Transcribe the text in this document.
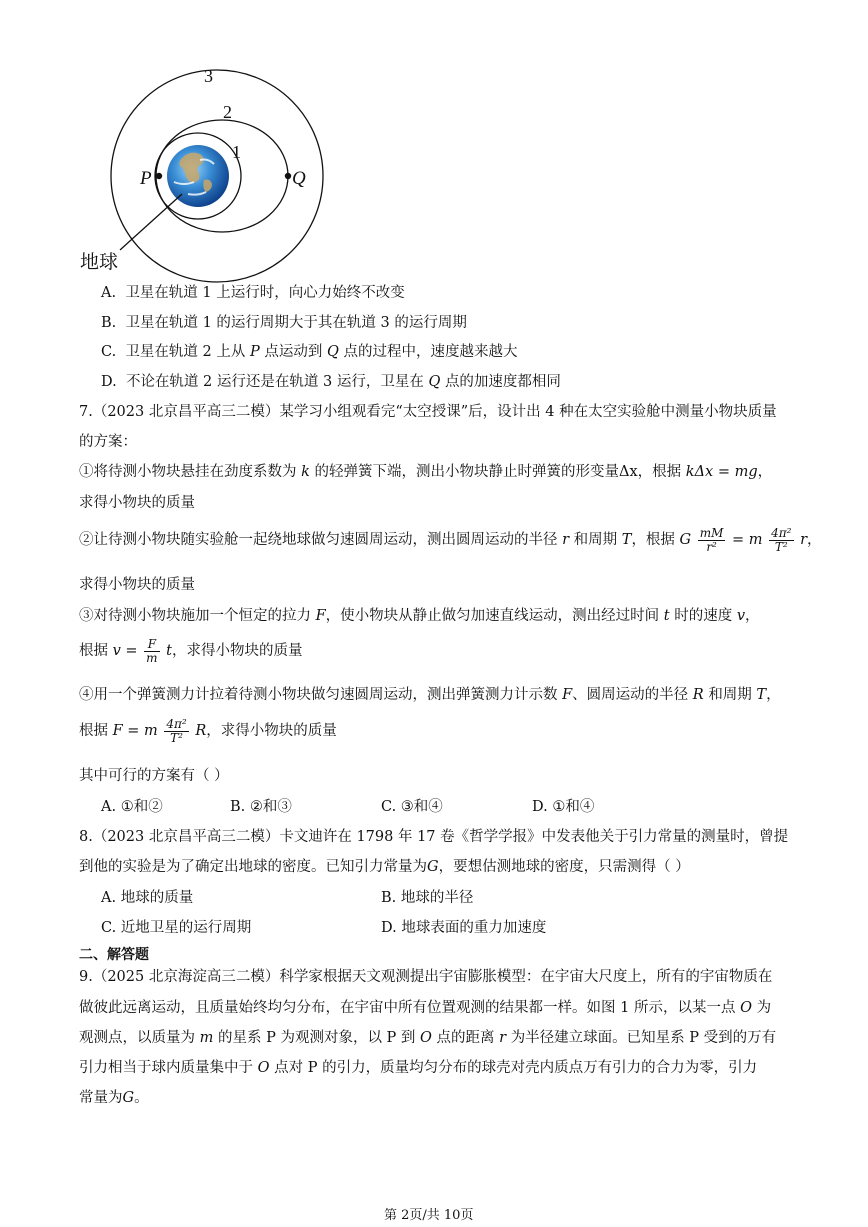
3
2
1
P	Q
地球
A. 卫星在轨道 1 上运行时，向心力始终不改变
B. 卫星在轨道 1 的运行周期大于其在轨道 3 的运行周期
C. 卫星在轨道 2 上从 P 点运动到 Q 点的过程中，速度越来越大
D. 不论在轨道 2 运行还是在轨道 3 运行，卫星在 Q 点的加速度都相同
7.（2023 北京昌平高三二模）某学习小组观看完“太空授课”后，设计出 4 种在太空实验舱中测量小物块质量
的方案：
①将待测小物块悬挂在劲度系数为 k 的轻弹簧下端，测出小物块静止时弹簧的形变量Δx，根据 kΔx = mg，
求得小物块的质量
②让待测小物块随实验舱一起绕地球做匀速圆周运动，测出圆周运动的半径 r 和周期 T，根据 G $\frac{mM}{\text{r²}} = m \frac{\text{4π²}}{\text{T²}}$ r，
求得小物块的质量
③对待测小物块施加一个恒定的拉力 F，使小物块从静止做匀加速直线运动，测出经过时间 t 时的速度 v，
根据 $v = \frac{F}{m}$ t，求得小物块的质量
④用一个弹簧测力计拉着待测小物块做匀速圆周运动，测出弹簧测力计示数 F、圆周运动的半径 R 和周期 T，
根据 F = m $\frac{\text{4π²}}{\text{T²}}$ R，求得小物块的质量
其中可行的方案有（ ）
A. ①和②	B. ②和③	C. ③和④	D. ①和④
8.（2023 北京昌平高三二模）卡文迪许在 1798 年 17 卷《哲学学报》中发表他关于引力常量的测量时，曾提
到他的实验是为了确定出地球的密度。已知引力常量为G，要想估测地球的密度，只需测得（ ）
A. 地球的质量	B. 地球的半径
C. 近地卫星的运行周期	D. 地球表面的重力加速度
二、解答题
9.（2025 北京海淀高三二模）科学家根据天文观测提出宇宙膨胀模型：在宇宙大尺度上，所有的宇宙物质在
做彼此远离运动，且质量始终均匀分布，在宇宙中所有位置观测的结果都一样。如图 1 所示，以某一点 O 为
观测点，以质量为 m 的星系 P 为观测对象，以 P 到 O 点的距离 r 为半径建立球面。已知星系 P 受到的万有
引力相当于球内质量集中于 O 点对 P 的引力，质量均匀分布的球壳对壳内质点万有引力的合力为零，引力
常量为G。
第 2页/共 10页
